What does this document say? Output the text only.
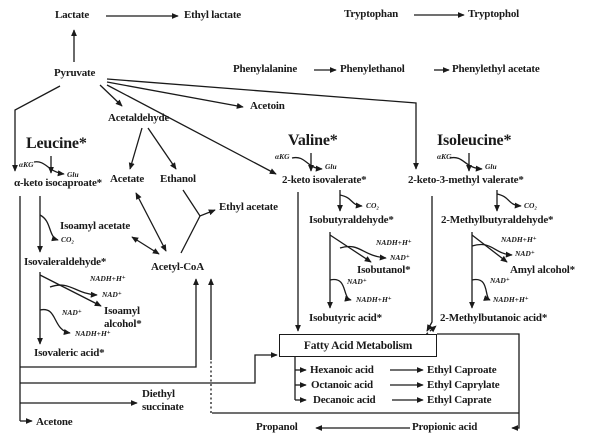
Lactate	Ethyl lactate	Tryptophan	Tryptophol
Pyruvate	Phenylalanine	Phenylethanol	Phenylethyl acetate
Acetoin
Acetaldehyde
Leucine*	Valine*	Isoleucine*
α-keto isocaproate*	2-keto isovalerate*	2-keto-3-methyl valerate*
Acetate Ethanol
Ethyl acetate
Isoamyl acetate
Acetyl-CoA
Isovaleraldehyde*
Isoamyl alcohol*
Isovaleric acid*
Isobutyraldehyde*
Isobutanol*
Isobutyric acid*
2-Methylbutyraldehyde*
Amyl alcohol*
2-Methylbutanoic acid*
Fatty Acid Metabolism
Hexanoic acid
Octanoic acid
Decanoic acid
Ethyl Caproate
Ethyl Caprylate
Ethyl Caprate
Diethyl succinate
Acetone	Propanol	Propionic acid
αKG
Glu
αKG
Glu
αKG
Glu
CO₂
CO₂	CO₂
NADH+H⁺
NAD⁺
NAD⁺
NADH+H⁺
NADH+H⁺
NAD⁺
NAD⁺
NADH+H⁺
NADH+H⁺
NAD⁺
NAD⁺
NADH+H⁺
